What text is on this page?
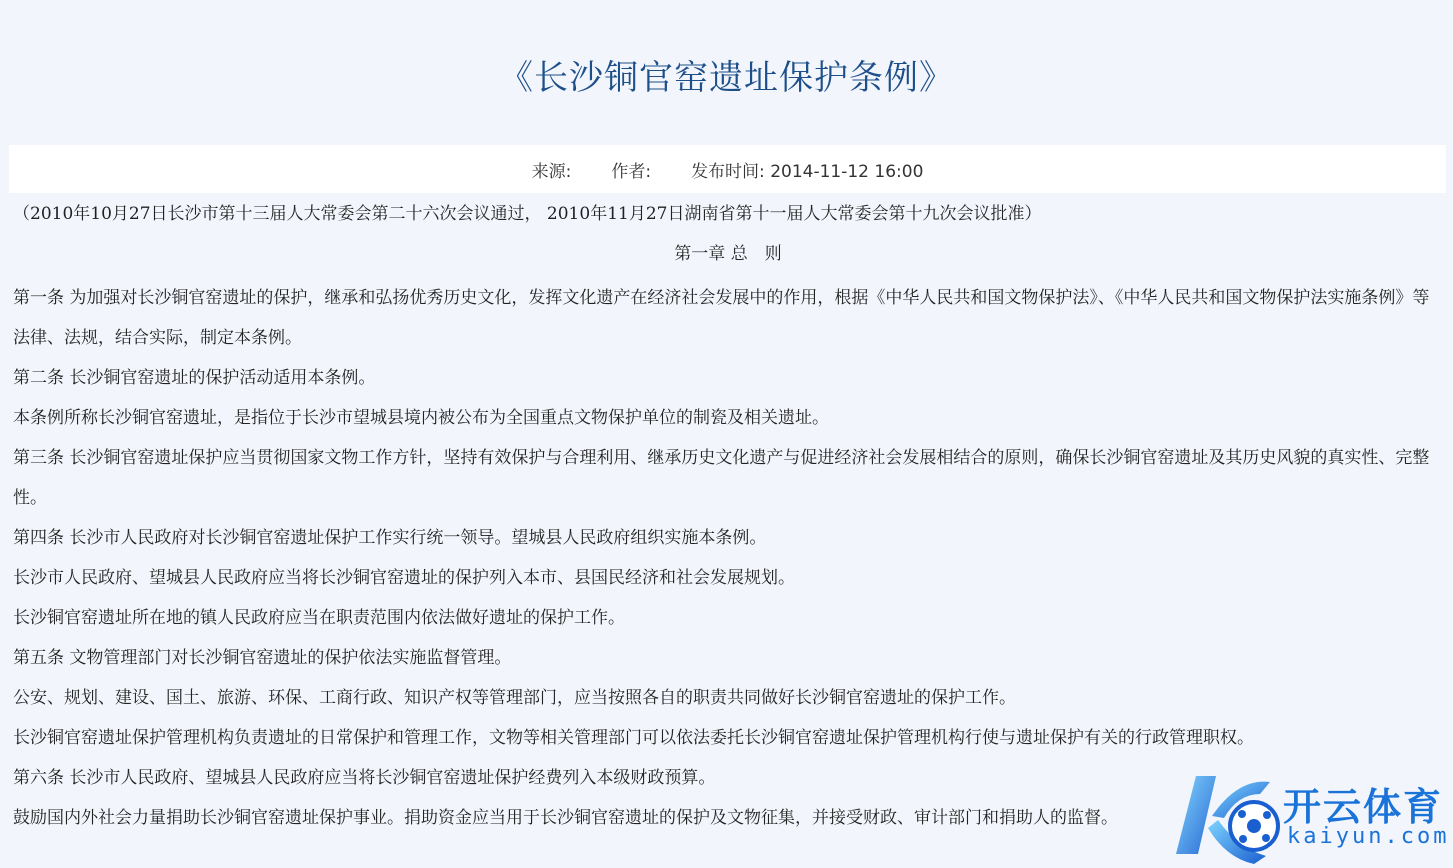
《长沙铜官窑遗址保护条例》
来源: 作者: 发布时间: 2014-11-12 16:00

（2010年10月27日长沙市第十三届人大常委会第二十六次会议通过， 2010年11月27日湖南省第十一届人大常委会第十九次会议批准）

第一章 总　则

第一条 为加强对长沙铜官窑遗址的保护，继承和弘扬优秀历史文化，发挥文化遗产在经济社会发展中的作用，根据《中华人民共和国文物保护法》、《中华人民共和国文物保护法实施条例》等法律、法规，结合实际，制定本条例。

第二条 长沙铜官窑遗址的保护活动适用本条例。

本条例所称长沙铜官窑遗址，是指位于长沙市望城县境内被公布为全国重点文物保护单位的制瓷及相关遗址。

第三条 长沙铜官窑遗址保护应当贯彻国家文物工作方针，坚持有效保护与合理利用、继承历史文化遗产与促进经济社会发展相结合的原则，确保长沙铜官窑遗址及其历史风貌的真实性、完整性。

第四条 长沙市人民政府对长沙铜官窑遗址保护工作实行统一领导。望城县人民政府组织实施本条例。

长沙市人民政府、望城县人民政府应当将长沙铜官窑遗址的保护列入本市、县国民经济和社会发展规划。

长沙铜官窑遗址所在地的镇人民政府应当在职责范围内依法做好遗址的保护工作。

第五条 文物管理部门对长沙铜官窑遗址的保护依法实施监督管理。

公安、规划、建设、国土、旅游、环保、工商行政、知识产权等管理部门，应当按照各自的职责共同做好长沙铜官窑遗址的保护工作。

长沙铜官窑遗址保护管理机构负责遗址的日常保护和管理工作，文物等相关管理部门可以依法委托长沙铜官窑遗址保护管理机构行使与遗址保护有关的行政管理职权。

第六条 长沙市人民政府、望城县人民政府应当将长沙铜官窑遗址保护经费列入本级财政预算。

鼓励国内外社会力量捐助长沙铜官窑遗址保护事业。捐助资金应当用于长沙铜官窑遗址的保护及文物征集，并接受财政、审计部门和捐助人的监督。	开云体育
kaiyun.com
